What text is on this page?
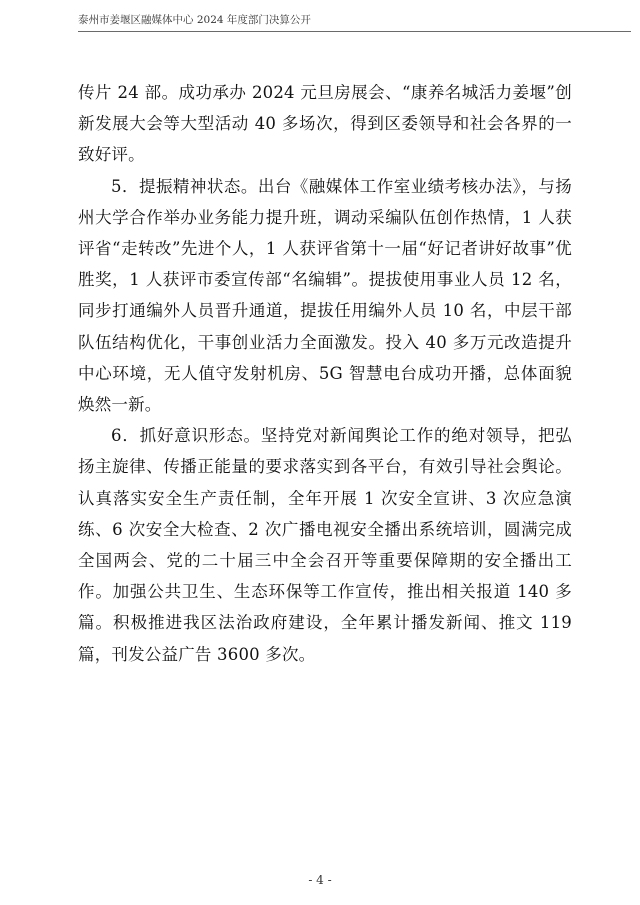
泰州市姜堰区融媒体中心 2024 年度部门决算公开

传片 24 部。成功承办 2024 元旦房展会、“康养名城活力姜堰”创新发展大会等大型活动 40 多场次，得到区委领导和社会各界的一致好评。

5．提振精神状态。出台《融媒体工作室业绩考核办法》，与扬州大学合作举办业务能力提升班，调动采编队伍创作热情，1 人获评省“走转改”先进个人，1 人获评省第十一届“好记者讲好故事”优胜奖，1 人获评市委宣传部“名编辑”。提拔使用事业人员 12 名，同步打通编外人员晋升通道，提拔任用编外人员 10 名，中层干部队伍结构优化，干事创业活力全面激发。投入 40 多万元改造提升中心环境，无人值守发射机房、5G 智慧电台成功开播，总体面貌焕然一新。

6．抓好意识形态。坚持党对新闻舆论工作的绝对领导，把弘扬主旋律、传播正能量的要求落实到各平台，有效引导社会舆论。认真落实安全生产责任制，全年开展 1 次安全宣讲、3 次应急演练、6 次安全大检查、2 次广播电视安全播出系统培训，圆满完成全国两会、党的二十届三中全会召开等重要保障期的安全播出工作。加强公共卫生、生态环保等工作宣传，推出相关报道 140 多篇。积极推进我区法治政府建设，全年累计播发新闻、推文 119 篇，刊发公益广告 3600 多次。

- 4 -
